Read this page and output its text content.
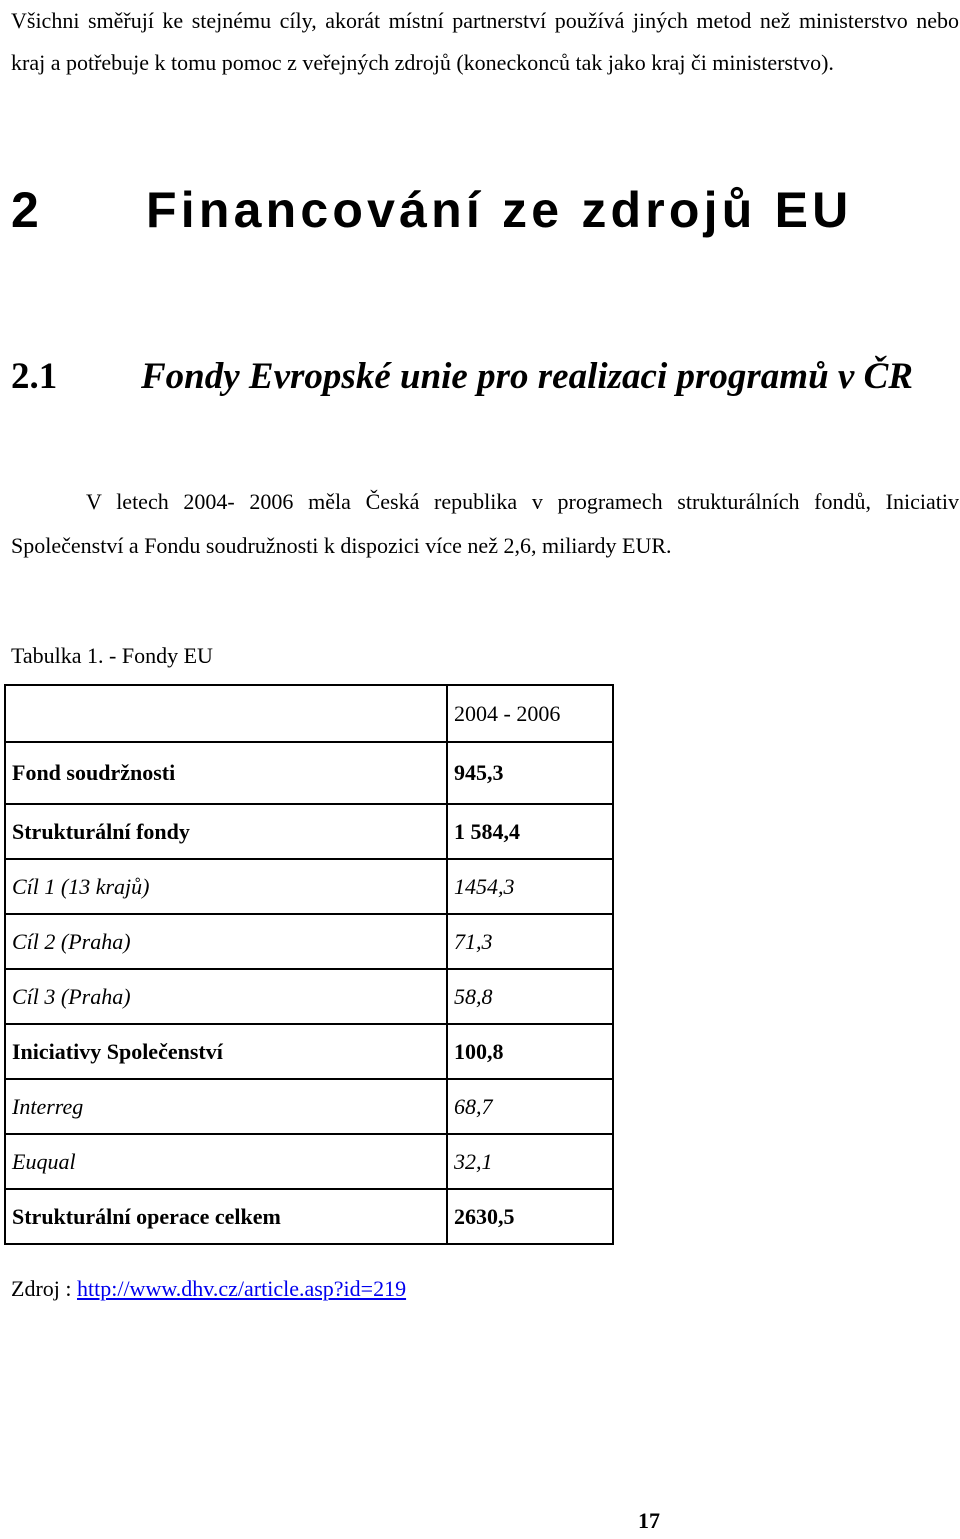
Všichni směřují ke stejnému cíly, akorát místní partnerství používá jiných metod než ministerstvo nebo kraj a potřebuje k tomu pomoc z veřejných zdrojů (koneckonců tak jako kraj či ministerstvo).

2 Financování ze zdrojů EU
2.1 Fondy Evropské unie pro realizaci programů v ČR

V letech 2004- 2006 měla Česká republika v programech strukturálních fondů, Iniciativ Společenství a Fondu soudružnosti k dispozici více než 2,6, miliardy EUR.

Tabulka 1. - Fondy EU
	2004 - 2006
Fond soudržnosti	945,3
Strukturální fondy	1 584,4
Cíl 1 (13 krajů)	1454,3
Cíl 2 (Praha)	71,3
Cíl 3 (Praha)	58,8
Iniciativy Společenství	100,8
Interreg	68,7
Euqual	32,1
Strukturální operace celkem	2630,5
Zdroj : http://www.dhv.cz/article.asp?id=219
17
